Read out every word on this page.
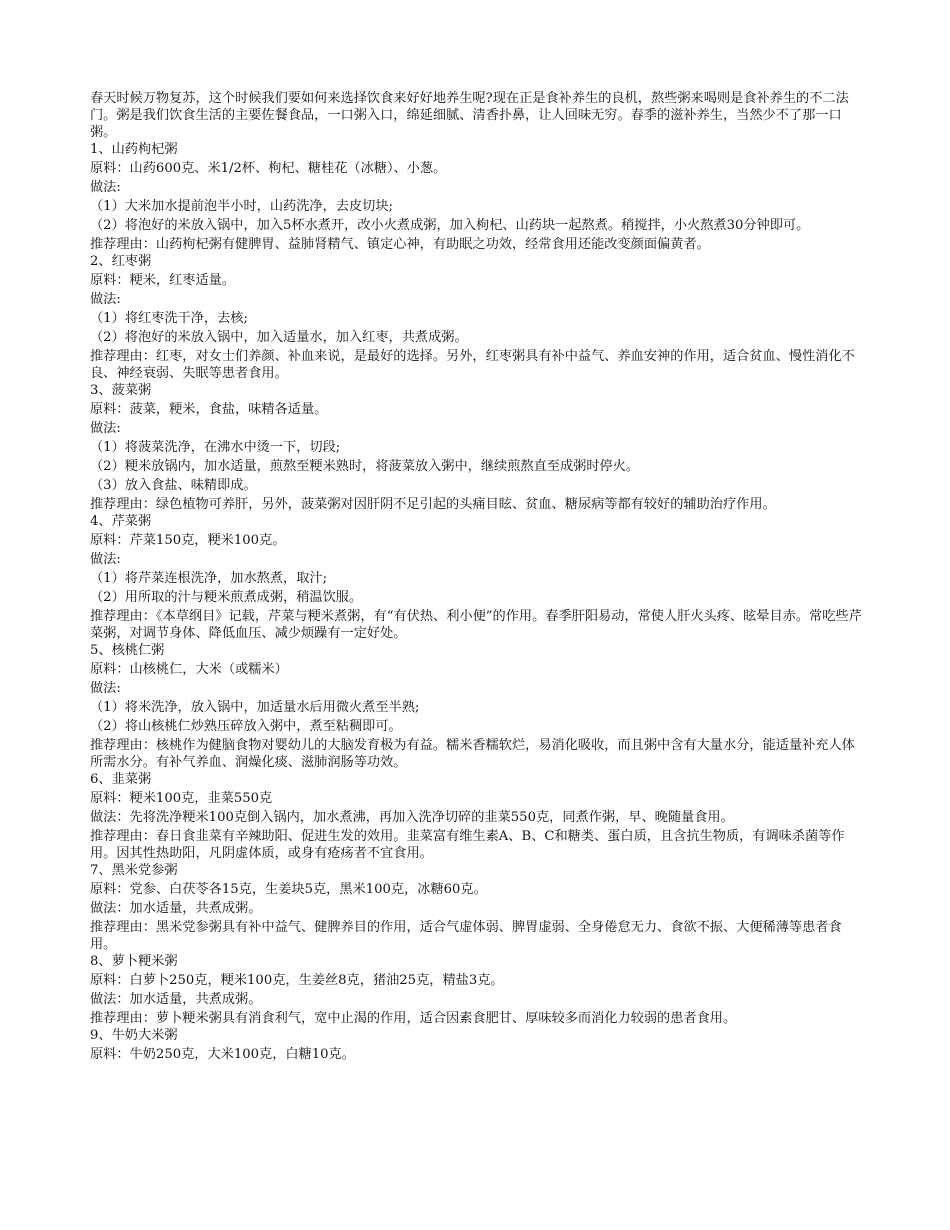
春天时候万物复苏，这个时候我们要如何来选择饮食来好好地养生呢?现在正是食补养生的良机，熬些粥来喝则是食补养生的不二法门。粥是我们饮食生活的主要佐餐食品，一口粥入口，绵延细腻、清香扑鼻，让人回味无穷。春季的滋补养生，当然少不了那一口粥。

1、山药枸杞粥

原料：山药600克、米1/2杯、枸杞、糖桂花（冰糖）、小葱。

做法:

（1）大米加水提前泡半小时，山药洗净，去皮切块;

（2）将泡好的米放入锅中，加入5杯水煮开，改小火煮成粥，加入枸杞、山药块一起熬煮。稍搅拌，小火熬煮30分钟即可。

推荐理由：山药枸杞粥有健脾胃、益肺肾精气、镇定心神，有助眠之功效，经常食用还能改变颜面偏黄者。

2、红枣粥

原料：粳米，红枣适量。

做法:

（1）将红枣洗干净，去核;

（2）将泡好的米放入锅中，加入适量水，加入红枣，共煮成粥。

推荐理由：红枣，对女士们养颜、补血来说，是最好的选择。另外，红枣粥具有补中益气、养血安神的作用，适合贫血、慢性消化不良、神经衰弱、失眠等患者食用。

3、菠菜粥

原料：菠菜，粳米，食盐，味精各适量。

做法:

（1）将菠菜洗净，在沸水中烫一下，切段;

（2）粳米放锅内，加水适量，煎熬至粳米熟时，将菠菜放入粥中，继续煎熬直至成粥时停火。

（3）放入食盐、味精即成。

推荐理由：绿色植物可养肝，另外，菠菜粥对因肝阴不足引起的头痛目眩、贫血、糖尿病等都有较好的辅助治疗作用。

4、芹菜粥

原料：芹菜150克，粳米100克。

做法:

（1）将芹菜连根洗净，加水熬煮，取汁;

（2）用所取的汁与粳米煎煮成粥，稍温饮服。

推荐理由：《本草纲目》记载，芹菜与粳米煮粥，有“有伏热、利小便”的作用。春季肝阳易动，常使人肝火头疼、眩晕目赤。常吃些芹菜粥，对调节身体、降低血压、减少烦躁有一定好处。

5、核桃仁粥

原料：山核桃仁，大米（或糯米）

做法:

（1）将米洗净，放入锅中，加适量水后用微火煮至半熟;

（2）将山核桃仁炒熟压碎放入粥中，煮至粘稠即可。

推荐理由：核桃作为健脑食物对婴幼儿的大脑发育极为有益。糯米香糯软烂，易消化吸收，而且粥中含有大量水分，能适量补充人体所需水分。有补气养血、润燥化痰、滋肺润肠等功效。

6、韭菜粥

原料：粳米100克，韭菜550克

做法：先将洗净粳米100克倒入锅内，加水煮沸，再加入洗净切碎的韭菜550克，同煮作粥，早、晚随量食用。

推荐理由：春日食韭菜有辛辣助阳、促进生发的效用。韭菜富有维生素A、B、C和糖类、蛋白质，且含抗生物质，有调味杀菌等作用。因其性热助阳，凡阴虚体质，或身有疮疡者不宜食用。

7、黑米党参粥

原料：党参、白茯苓各15克，生姜块5克，黑米100克，冰糖60克。

做法：加水适量，共煮成粥。

推荐理由：黑米党参粥具有补中益气、健脾养目的作用，适合气虚体弱、脾胃虚弱、全身倦怠无力、食欲不振、大便稀薄等患者食用。

8、萝卜粳米粥

原料：白萝卜250克，粳米100克，生姜丝8克，猪油25克，精盐3克。

做法：加水适量，共煮成粥。

推荐理由：萝卜粳米粥具有消食利气，宽中止渴的作用，适合因素食肥甘、厚味较多而消化力较弱的患者食用。

9、牛奶大米粥

原料：牛奶250克，大米100克，白糖10克。
